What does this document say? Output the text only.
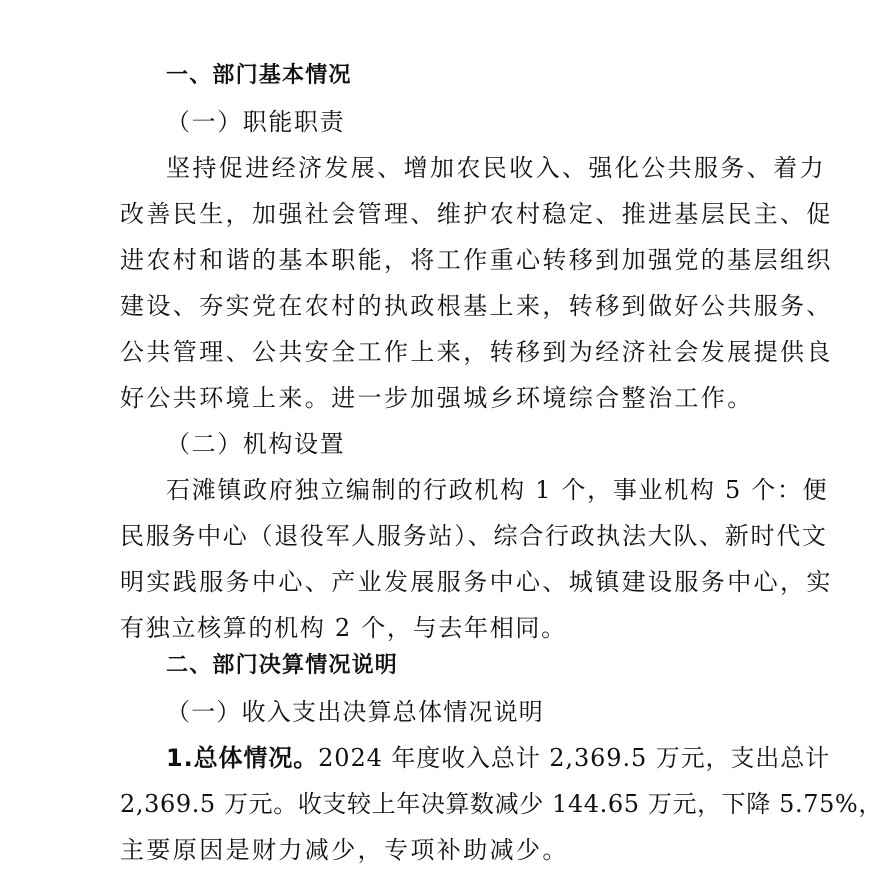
一、部门基本情况
（一）职能职责
坚持促进经济发展、增加农民收入、强化公共服务、着力
改善民生，加强社会管理、维护农村稳定、推进基层民主、促
进农村和谐的基本职能，将工作重心转移到加强党的基层组织
建设、夯实党在农村的执政根基上来，转移到做好公共服务、
公共管理、公共安全工作上来，转移到为经济社会发展提供良
好公共环境上来。进一步加强城乡环境综合整治工作。
（二）机构设置
石滩镇政府独立编制的行政机构 1 个，事业机构 5 个：便
民服务中心（退役军人服务站）、综合行政执法大队、新时代文
明实践服务中心、产业发展服务中心、城镇建设服务中心，实
有独立核算的机构 2 个，与去年相同。
二、部门决算情况说明
（一）收入支出决算总体情况说明
1.总体情况。2024 年度收入总计 2,369.5 万元，支出总计
2,369.5 万元。收支较上年决算数减少 144.65 万元，下降 5.75%，
主要原因是财力减少，专项补助减少。
